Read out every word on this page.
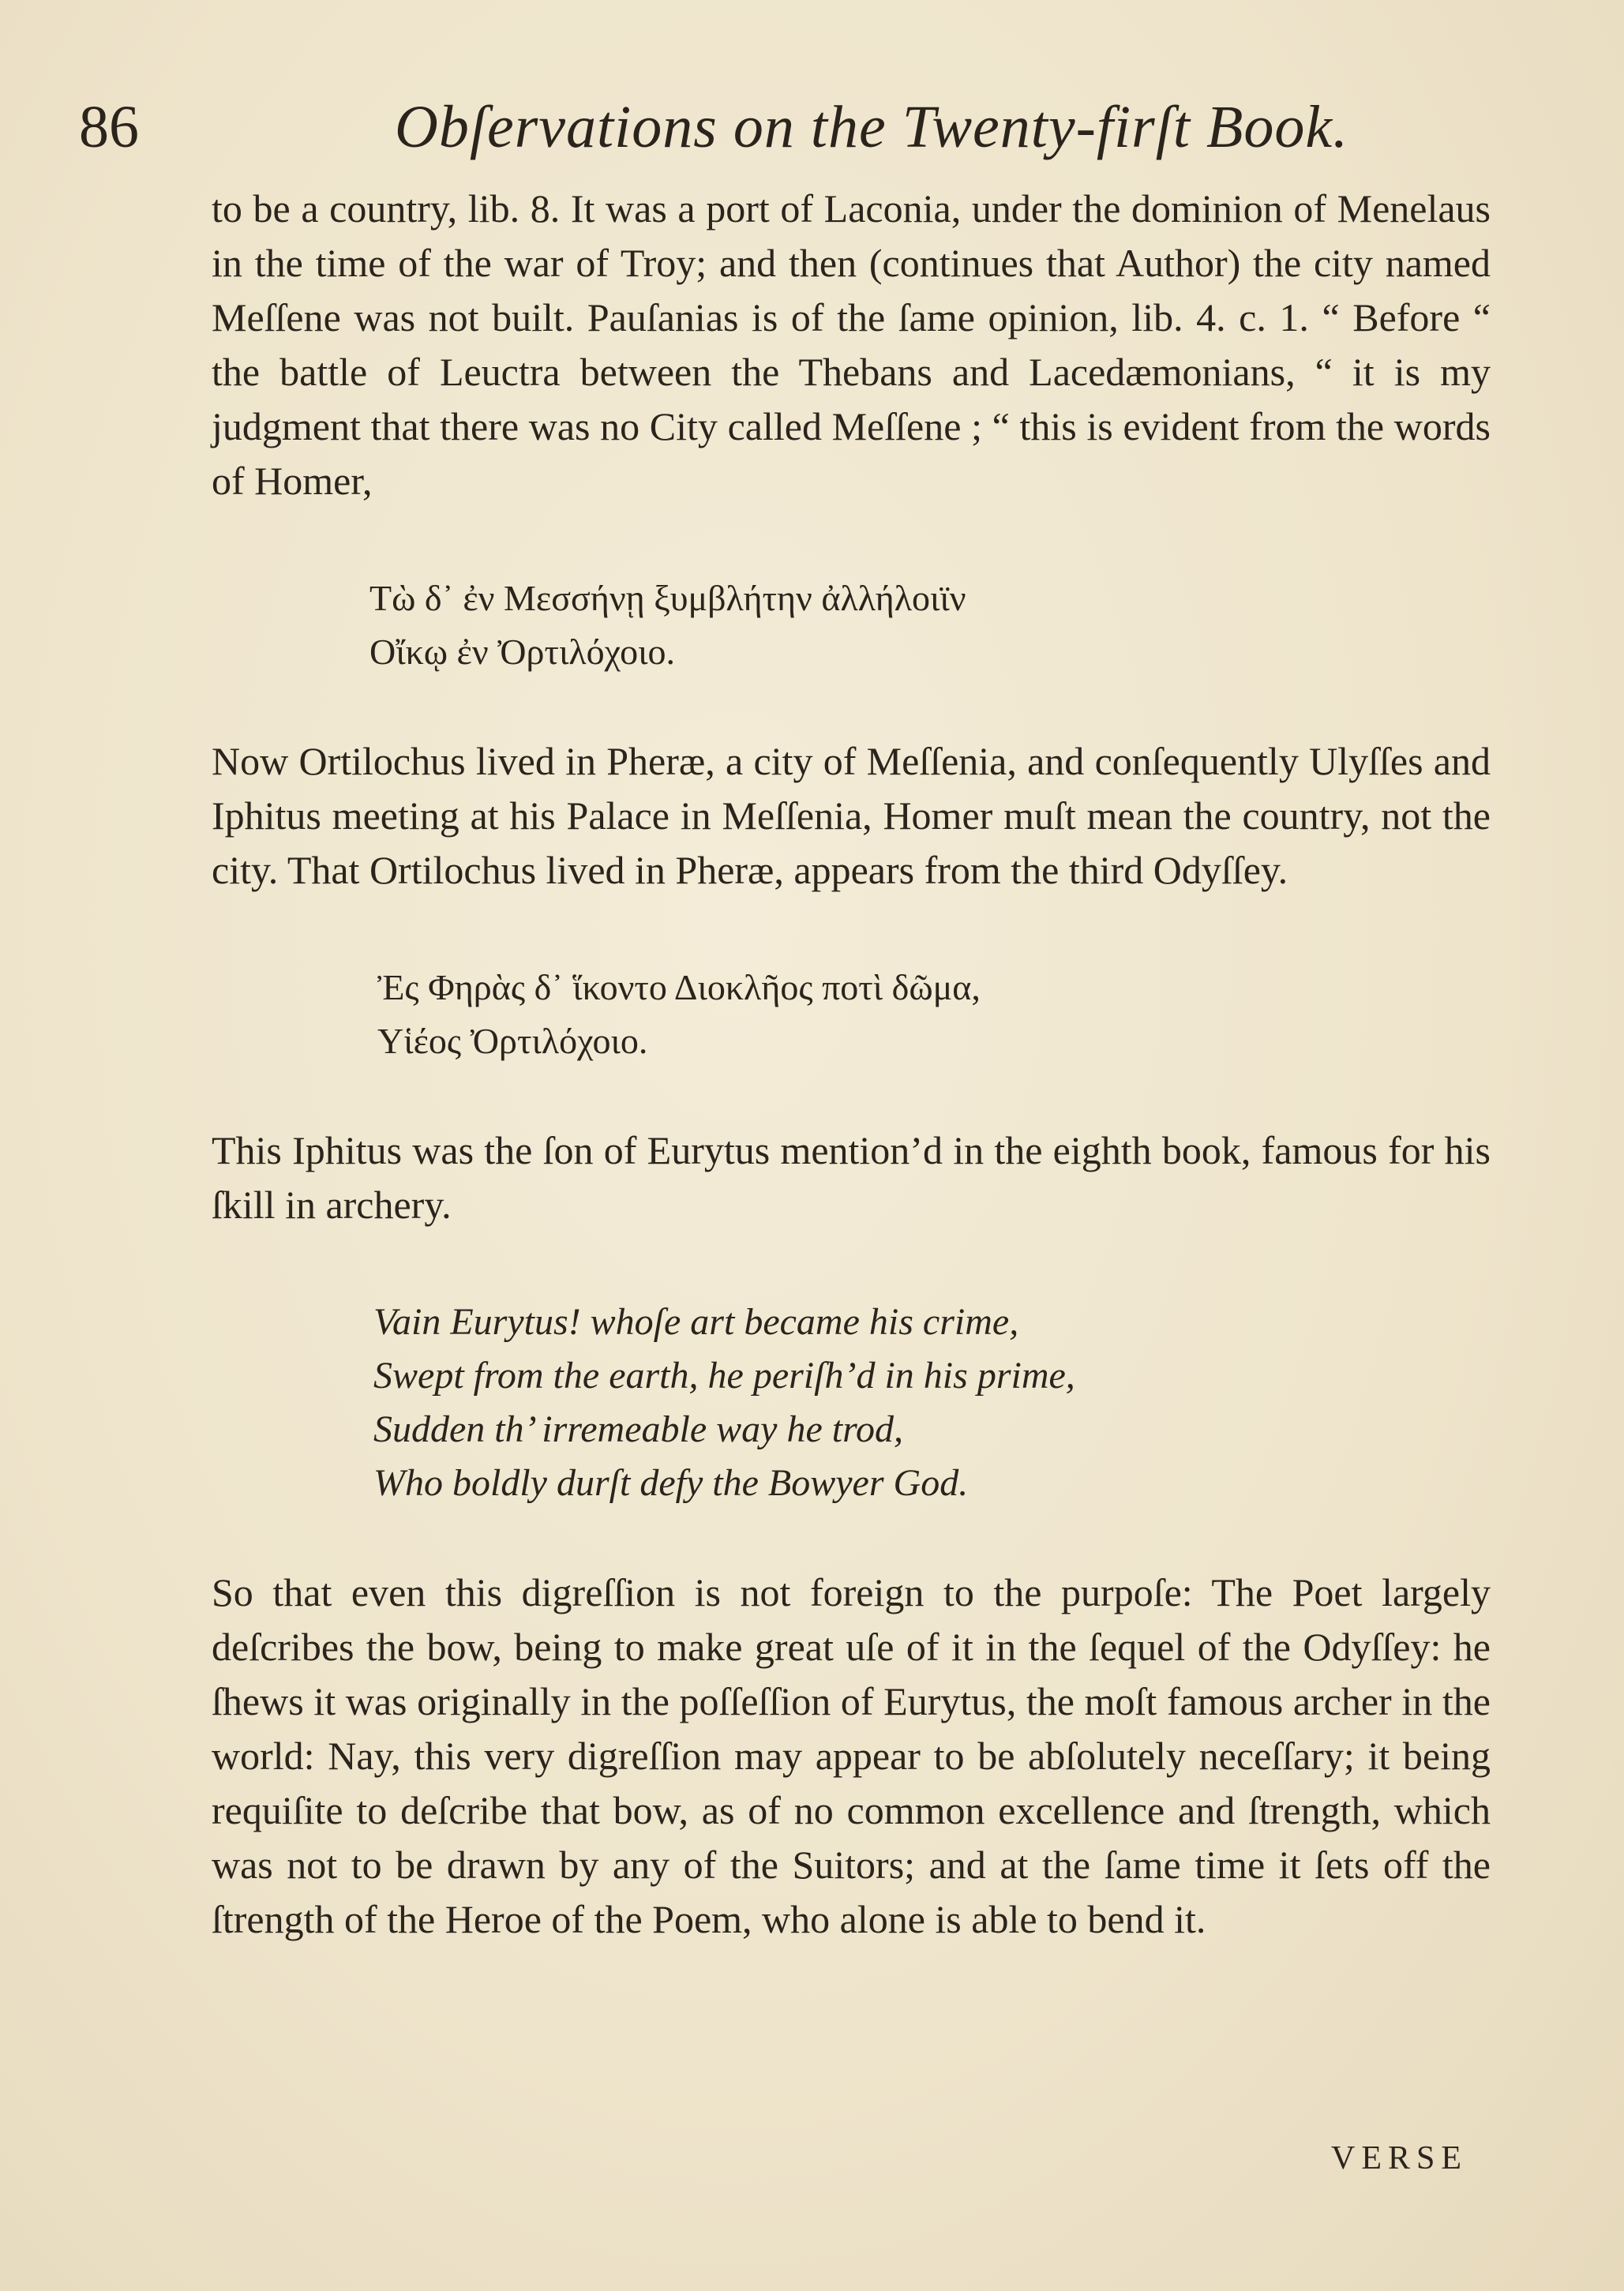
86	Obſervations on the Twenty-firſt Book.

to be a country, lib. 8. It was a port of Laconia, under the dominion of Menelaus in the time of the war of Troy; and then (continues that Author) the city named Meſſene was not built. Pauſanias is of the ſame opinion, lib. 4. c. 1. “ Before “ the battle of Leuctra between the Thebans and Lacedæmonians, “ it is my judgment that there was no City called Meſſene ; “ this is evident from the words of Homer,

Τὼ δ᾽ ἐν Μεσσήνῃ ξυμβλήτην ἀλλήλοιϊν

Οἴκῳ ἐν Ὀρτιλόχοιο.

Now Ortilochus lived in Pheræ, a city of Meſſenia, and conſequently Ulyſſes and Iphitus meeting at his Palace in Meſſenia, Homer muſt mean the country, not the city. That Ortilochus lived in Pheræ, appears from the third Odyſſey.

Ἐς Φηρὰς δ᾽ ἵκοντο Διοκλῆος ποτὶ δῶμα,

Υἱέος Ὀρτιλόχοιο.

This Iphitus was the ſon of Eurytus mention’d in the eighth book, famous for his ſkill in archery.

Vain Eurytus! whoſe art became his crime,

Swept from the earth, he periſh’d in his prime,

Sudden th’ irremeable way he trod,

Who boldly durſt defy the Bowyer God.

So that even this digreſſion is not foreign to the purpoſe: The Poet largely deſcribes the bow, being to make great uſe of it in the ſequel of the Odyſſey: he ſhews it was originally in the poſſeſſion of Eurytus, the moſt famous archer in the world: Nay, this very digreſſion may appear to be abſolutely neceſſary; it being requiſite to deſcribe that bow, as of no common excellence and ſtrength, which was not to be drawn by any of the Suitors; and at the ſame time it ſets off the ſtrength of the Heroe of the Poem, who alone is able to bend it.

VERSE
